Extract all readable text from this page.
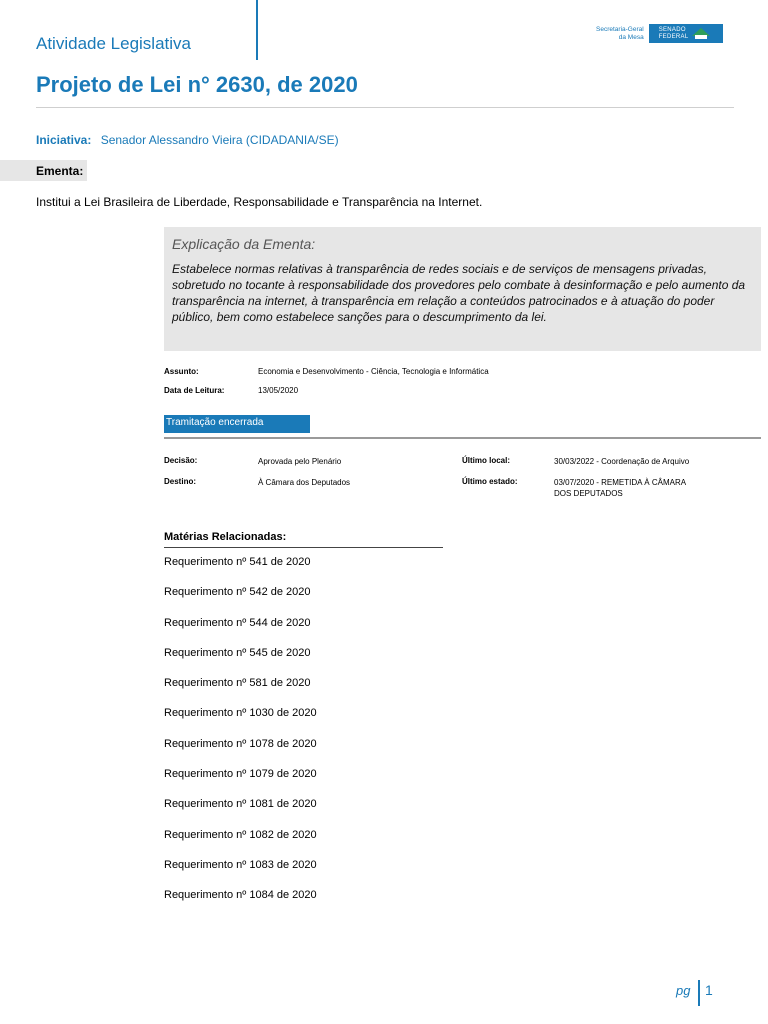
Atividade Legislativa
Secretaria-Geral
da Mesa
SENADO
FEDERAL
Projeto de Lei n° 2630, de 2020
Iniciativa: Senador Alessandro Vieira (CIDADANIA/SE)
Ementa:
Institui a Lei Brasileira de Liberdade, Responsabilidade e Transparência na Internet.
Explicação da Ementa:
Estabelece normas relativas à transparência de redes sociais e de serviços de mensagens privadas, sobretudo no tocante à responsabilidade dos provedores pelo combate à desinformação e pelo aumento da transparência na internet, à transparência em relação a conteúdos patrocinados e à atuação do poder público, bem como estabelece sanções para o descumprimento da lei.
Assunto:	Economia e Desenvolvimento - Ciência, Tecnologia e Informática
Data de Leitura:	13/05/2020
Tramitação encerrada
Decisão:	Aprovada pelo Plenário	Último local:	30/03/2022 - Coordenação de Arquivo
Destino:	À Câmara dos Deputados	Último estado:	03/07/2020 - REMETIDA À CÂMARA
DOS DEPUTADOS
Matérias Relacionadas:
Requerimento nº 541 de 2020
Requerimento nº 542 de 2020
Requerimento nº 544 de 2020
Requerimento nº 545 de 2020
Requerimento nº 581 de 2020
Requerimento nº 1030 de 2020
Requerimento nº 1078 de 2020
Requerimento nº 1079 de 2020
Requerimento nº 1081 de 2020
Requerimento nº 1082 de 2020
Requerimento nº 1083 de 2020
Requerimento nº 1084 de 2020
pg 1
